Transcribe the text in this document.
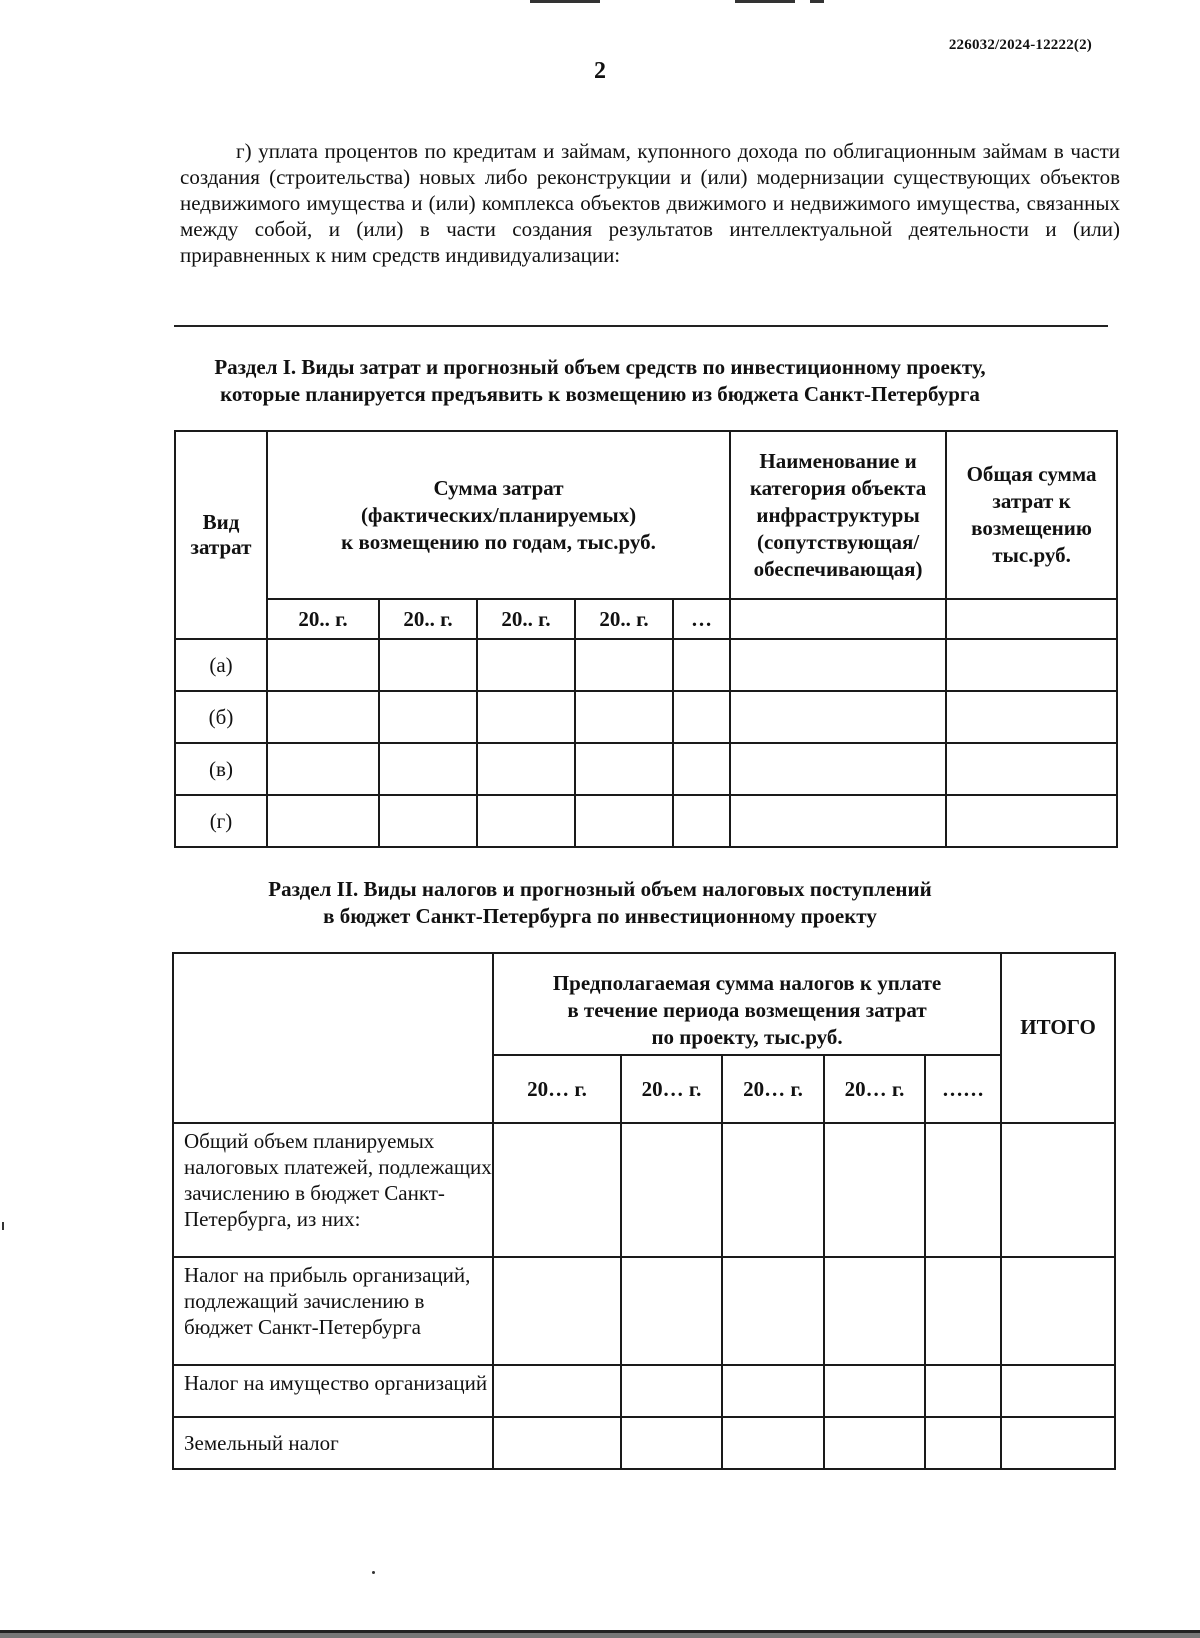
226032/2024-12222(2)
2

г) уплата процентов по кредитам и займам, купонного дохода по облигационным займам в части создания (строительства) новых либо реконструкции и (или) модернизации существующих объектов недвижимого имущества и (или) комплекса объектов движимого и недвижимого имущества, связанных между собой, и (или) в части создания результатов интеллектуальной деятельности и (или) приравненных к ним средств индивидуализации:

Раздел I. Виды затрат и прогнозный объем средств по инвестиционному проекту,
которые планируется предъявить к возмещению из бюджета Санкт-Петербурга
Вид затрат	Сумма затрат
(фактических/планируемых)
к возмещению по годам, тыс.руб.					Наименование и категория объекта инфраструктуры (сопутствующая/ обеспечивающая)	Общая сумма затрат к возмещению тыс.руб.
	20.. г.	20.. г.	20.. г.	20.. г.	…		
(а)							
(б)							
(в)							
(г)							
Раздел II. Виды налогов и прогнозный объем налоговых поступлений
в бюджет Санкт-Петербурга по инвестиционному проекту

	Предполагаемая сумма налогов к уплате
в течение периода возмещения затрат
по проекту, тыс.руб.					ИТОГО
	20… г.	20… г.	20… г.	20… г.	……	
Общий объем планируемых налоговых платежей, подлежащих зачислению в бюджет Санкт-Петербурга, из них:						
Налог на прибыль организаций, подлежащий зачислению в бюджет Санкт-Петербурга						
Налог на имущество организаций						
Земельный налог						
